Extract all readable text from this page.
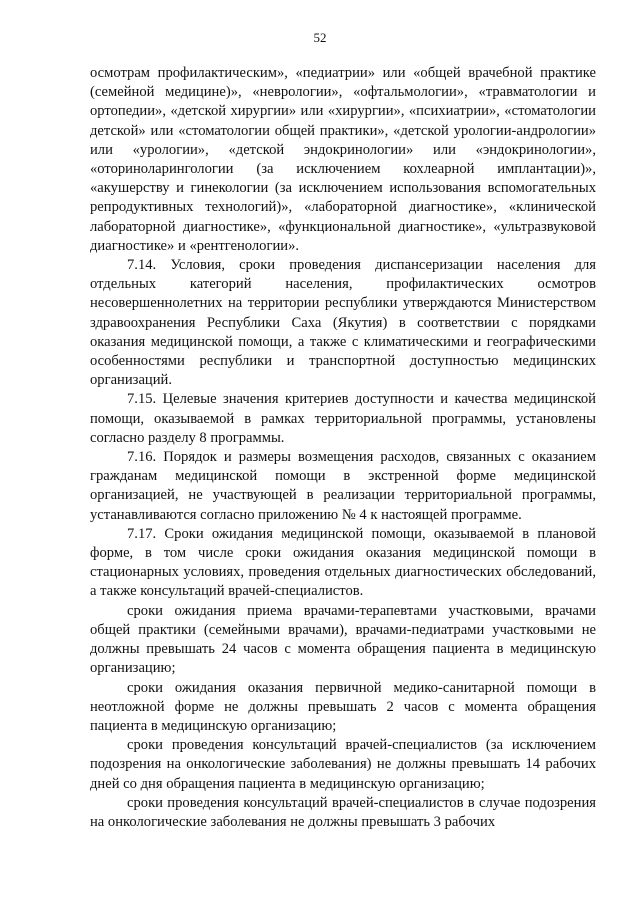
52

осмотрам профилактическим», «педиатрии» или «общей врачебной практике (семейной медицине)», «неврологии», «офтальмологии», «травматологии и ортопедии», «детской хирургии» или «хирургии», «психиатрии», «стоматологии детской» или «стоматологии общей практики», «детской урологии-андрологии» или «урологии», «детской эндокринологии» или «эндокринологии», «оториноларингологии (за исключением кохлеарной имплантации)», «акушерству и гинекологии (за исключением использования вспомогательных репродуктивных технологий)», «лабораторной диагностике», «клинической лабораторной диагностике», «функциональной диагностике», «ультразвуковой диагностике» и «рентгенологии».

7.14. Условия, сроки проведения диспансеризации населения для отдельных категорий населения, профилактических осмотров несовершеннолетних на территории республики утверждаются Министерством здравоохранения Республики Саха (Якутия) в соответствии с порядками оказания медицинской помощи, а также с климатическими и географическими особенностями республики и транспортной доступностью медицинских организаций.

7.15. Целевые значения критериев доступности и качества медицинской помощи, оказываемой в рамках территориальной программы, установлены согласно разделу 8 программы.

7.16. Порядок и размеры возмещения расходов, связанных с оказанием гражданам медицинской помощи в экстренной форме медицинской организацией, не участвующей в реализации территориальной программы, устанавливаются согласно приложению № 4 к настоящей программе.

7.17. Сроки ожидания медицинской помощи, оказываемой в плановой форме, в том числе сроки ожидания оказания медицинской помощи в стационарных условиях, проведения отдельных диагностических обследований, а также консультаций врачей-специалистов.

сроки ожидания приема врачами-терапевтами участковыми, врачами общей практики (семейными врачами), врачами-педиатрами участковыми не должны превышать 24 часов с момента обращения пациента в медицинскую организацию;

сроки ожидания оказания первичной медико-санитарной помощи в неотложной форме не должны превышать 2 часов с момента обращения пациента в медицинскую организацию;

сроки проведения консультаций врачей-специалистов (за исключением подозрения на онкологические заболевания) не должны превышать 14 рабочих дней со дня обращения пациента в медицинскую организацию;

сроки проведения консультаций врачей-специалистов в случае подозрения на онкологические заболевания не должны превышать 3 рабочих
